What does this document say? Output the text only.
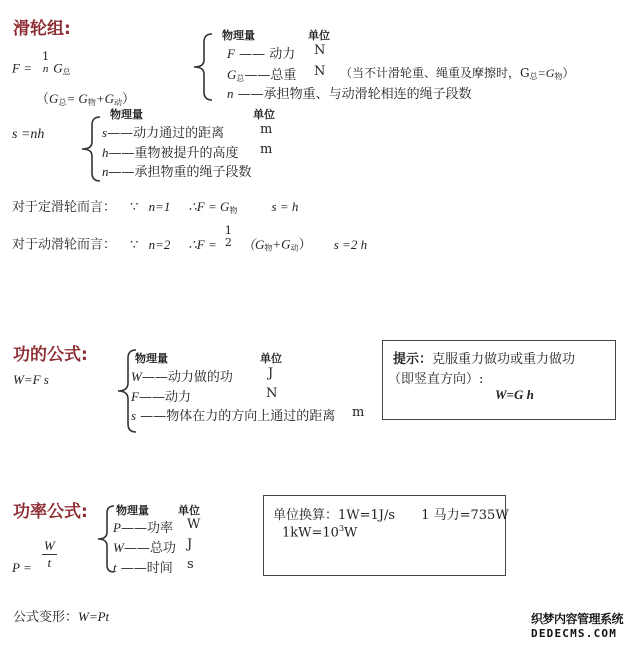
滑轮组:
F =
1
n $G_总$
$(G_总= G_物+G_动)$
物理量	单位
F —— 动力 N
$G_总——$总重 N （当不计滑轮重、绳重及摩擦时，$G_总=G_物$）
n ——承担物重、与动滑轮相连的绳子段数
s =nh
物理量	单位
s——动力通过的距离	m
h——重物被提升的高度 m
n——承担物重的绳子段数
对于定滑轮而言： ∵ n=1 ∴F = $G_物$	s = h
对于动滑轮而言： ∵ n=2 ∴F =
1
2 $(G_物+G_动)$ s =2 h
功的公式:
W=F s
物理量	单位
W——动力做的功	J
F——动力	N
s ——物体在力的方向上通过的距离 m
提示：克服重力做功或重力做功
（即竖直方向）:
W=G h
功率公式:
$P = \frac{W}{t}$
物理量	单位
P——功率 W
W——总功 J
t ——时间 s
单位换算：1W=1J/s 1 马力=735W
$1kW=10^3W$
公式变形：W=Pt	织梦内容管理系统
DEDECMS.COM
